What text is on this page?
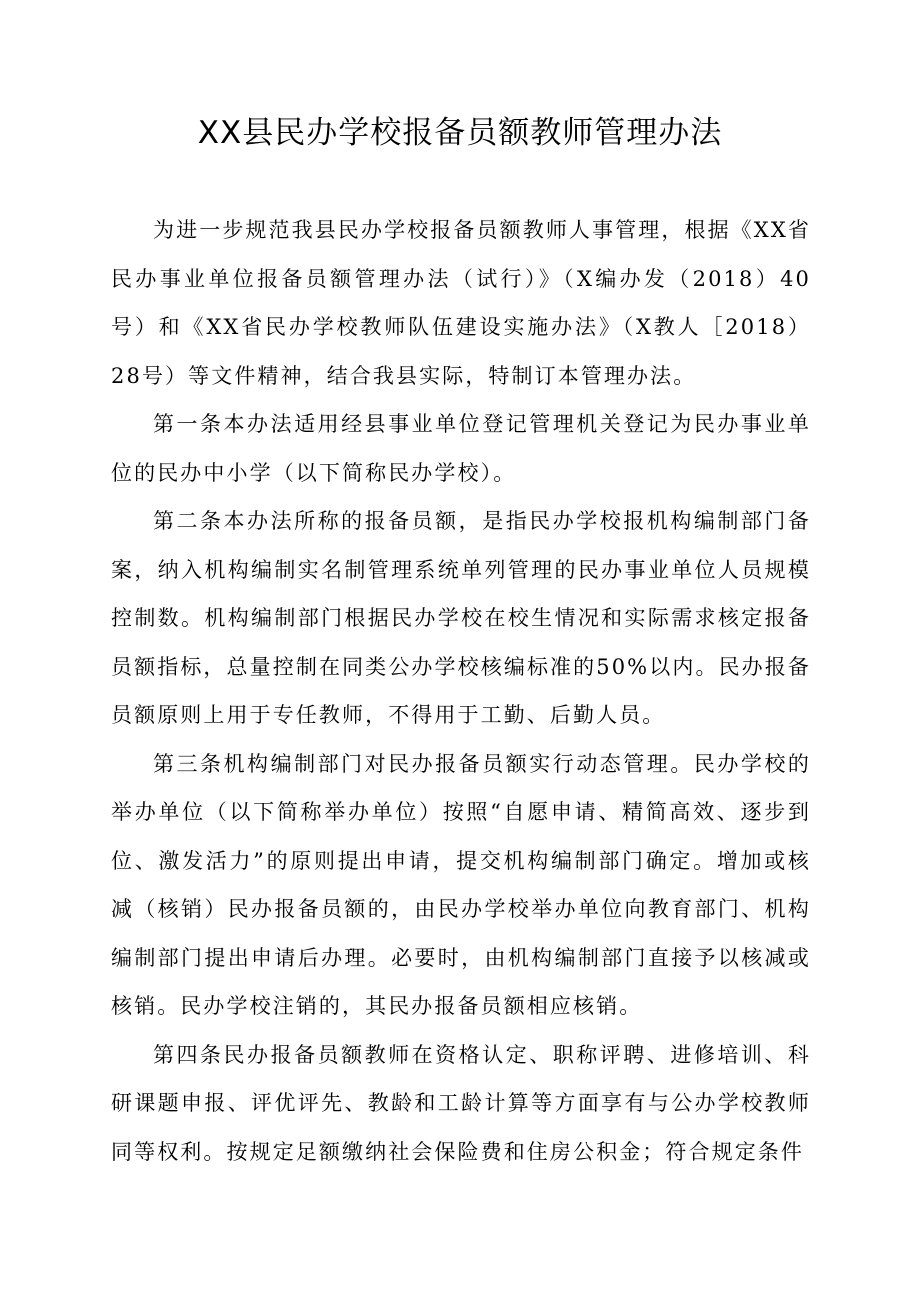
XX县民办学校报备员额教师管理办法

为进一步规范我县民办学校报备员额教师人事管理，根据《XX省民办事业单位报备员额管理办法（试行）》（X编办发（2018）40号）和《XX省民办学校教师队伍建设实施办法》（X教人［2018）28号）等文件精神，结合我县实际，特制订本管理办法。

第一条本办法适用经县事业单位登记管理机关登记为民办事业单位的民办中小学（以下简称民办学校）。

第二条本办法所称的报备员额，是指民办学校报机构编制部门备案，纳入机构编制实名制管理系统单列管理的民办事业单位人员规模控制数。机构编制部门根据民办学校在校生情况和实际需求核定报备员额指标，总量控制在同类公办学校核编标准的50%以内。民办报备员额原则上用于专任教师，不得用于工勤、后勤人员。

第三条机构编制部门对民办报备员额实行动态管理。民办学校的举办单位（以下简称举办单位）按照“自愿申请、精简高效、逐步到位、激发活力”的原则提出申请，提交机构编制部门确定。增加或核减（核销）民办报备员额的，由民办学校举办单位向教育部门、机构编制部门提出申请后办理。必要时，由机构编制部门直接予以核减或核销。民办学校注销的，其民办报备员额相应核销。

第四条民办报备员额教师在资格认定、职称评聘、进修培训、科研课题申报、评优评先、教龄和工龄计算等方面享有与公办学校教师同等权利。按规定足额缴纳社会保险费和住房公积金；符合规定条件
